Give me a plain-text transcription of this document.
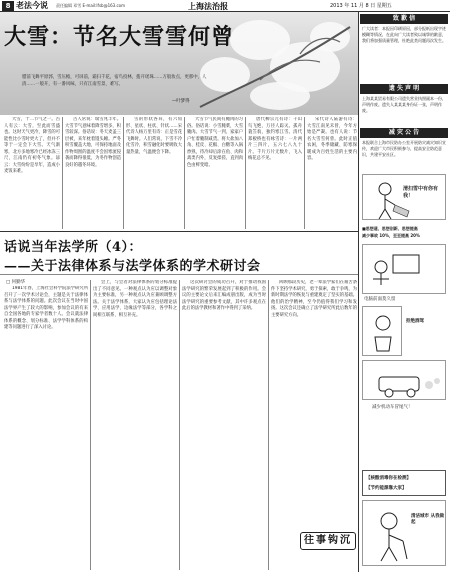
8 老法今说 责任编辑 邓雪 E-mail:lfsb@163.com	上海法治报	2013 年 11 月 8 日 星期五
大雪：节名大雪雪何曾
腊前飞舞平原郭，雪压檐，可屏前，霜扫千花，宿鸟投林，拨开瑶珠……万般妆点，更那中，人清……一般开，有一番风味，只有江南雪景，难写。
—叶梦得

大雪，十二节气之一。古人有云：大雪，至此而雪盛也。这时天气更冷，降雪的可能性比小雪时更大了，但并不等于一定会下大雪。天气渐寒，北方多地寒冷已经冰冻三尺，江南仍有初冬气象。谚云：大雪纷纷是旱年，造成小麦饭来难。

古人常说：瑞雪兆丰年。大雪节气意味着降雪增多，积雪较深。俗话说：冬天麦盖三层被，来年枕着馒头睡。严冬积雪覆盖大地，可保持地面及作物周围的温度不会因寒流侵袭而降得很低，为冬作物创造良好的越冬环境。

雪的形状各异，有六角形、星状、柱状、针状……宋代诗人杨万里有诗：正是雪花飞舞时。人们常说，下雪不冷化雪冷，积雪融化时要吸收大量热量，气温便会下降。

大雪节气民间有腌肉的习俗。俗话说：小雪腌菜，大雪腌肉。大雪节气一到，家家户户忙着腌制咸货。将大盐加八角、桂皮、花椒、白糖等入锅炒熟，待冷却后涂在鱼、肉和禽类内外，反复揉搓，直到肉色由鲜变暗。

唐代柳宗元有诗：千山鸟飞绝，万径人踪灭。孤舟蓑笠翁，独钓寒江雪。清代郑板桥也有咏雪诗：一片两片三四片，五六七八九十片。千片万片无数片，飞入梅花总不见。

宋代诗人陆游有诗：大雪江南见未曾，今年方始是严凝。也有人说：节名大雪雪何曾。此时正值农闲，冬季储藏、防寒保暖成为百姓生活的主要内容。

话说当年法学所（4）：
——关于法律体系与法学体系的学术研讨会
□ 何勤华

1981年春，上海社会科学院法学研究所召开了一次学术讨论会，主题是关于法律体系与法学体系的问题。此次会议在当时中国法学界产生了较大的影响，参加会议的有来自全国各地的专家学者数十人。会议就法律体系的概念、划分标准、法学学科体系的构建等问题进行了深入讨论。

会上，与会者对法律体系的划分标准提出了不同意见。一种观点认为应以调整对象为主要标准，另一种观点认为应兼顾调整方法。关于法学体系，大家认为应包括理论法学、应用法学、边缘法学等部分，各学科之间相互联系、相互补充。

这次研讨会的成功召开，对于推动我国法学研究的繁荣发展起到了积极的作用。会议的主要论文后来汇编成册出版，成为当时法学研究的重要参考文献，其中许多观点在此后的法学教材和著作中得到了采纳。

回顾那段历史，老一辈法学家们在艰苦条件下坚持学术研究，勇于探索，敢于争鸣，为新时期法学的恢复与重建奠定了坚实的基础。他们的治学精神，至今仍值得我们学习和发扬。这次会议还确立了法学研究所此后数年的主要研究方向。

往事钩沉
致 歉 信
广大读者：本报因印刷原因，部分报纸出现字迹模糊等情况，在此向广大读者致以诚挚的歉意，我们将加强质量管理，杜绝此类问题再次发生。
遗 失 声 明
上海某某贸易有限公司遗失营业执照副本一份，声明作废。遗失人某某某身份证一张，声明作废。
减 灾 公 告
本报联合上海市民防办公室开展防灾减灾知识宣传，欢迎广大市民积极参与，提高安全防范意识，共建平安社区。
清扫雪中有你有我！
■思想道、思想创新、思想提高
减少事故 10%，至至提高 20%
电脑前面莫久留
拒绝酒驾
减少机动车冒尾气！
【核酸消毒你在检测】
【节约能源靠大家】
清洁城市 从我做起
